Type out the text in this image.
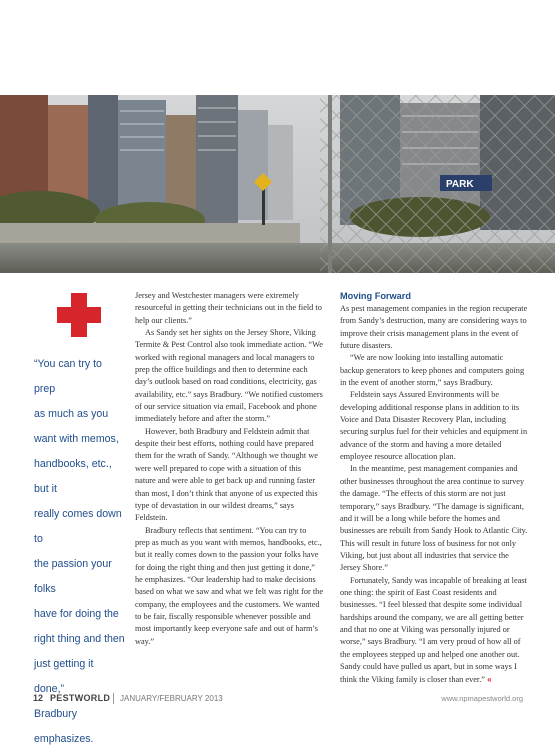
PARK
“You can try to prep
as much as you
want with memos,
handbooks, etc., but it
really comes down to
the passion your folks
have for doing the
right thing and then
just getting it done,”
Bradbury emphasizes.

Jersey and Westchester managers were extremely resourceful in getting their technicians out in the field to help our clients.”

As Sandy set her sights on the Jersey Shore, Viking Termite & Pest Control also took immediate action. “We worked with regional managers and local managers to prep the office buildings and then to determine each day’s outlook based on road conditions, electricity, gas availability, etc.” says Bradbury. “We notified customers of our service situation via email, Facebook and phone immediately before and after the storm.”

However, both Bradbury and Feldstein admit that despite their best efforts, nothing could have prepared them for the wrath of Sandy. “Although we thought we were well prepared to cope with a situation of this nature and were able to get back up and running faster than most, I don’t think that anyone of us expected this type of devastation in our wildest dreams,” says Feldstein.

Bradbury reflects that sentiment. “You can try to prep as much as you want with memos, handbooks, etc., but it really comes down to the passion your folks have for doing the right thing and then just getting it done,” he emphasizes. “Our leadership had to make decisions based on what we saw and what we felt was right for the company, the employees and the customers. We wanted to be fair, fiscally responsible whenever possible and most importantly keep everyone safe and out of harm’s way.”

Moving Forward

As pest management companies in the region recuperate from Sandy’s destruction, many are considering ways to improve their crisis management plans in the event of future disasters.

“We are now looking into installing automatic backup generators to keep phones and computers going in the event of another storm,” says Bradbury.

Feldstein says Assured Environments will be developing additional response plans in addition to its Voice and Data Disaster Recovery Plan, including securing surplus fuel for their vehicles and equipment in advance of the storm and having a more detailed employee resource allocation plan.

In the meantime, pest management companies and other businesses throughout the area continue to survey the damage. “The effects of this storm are not just temporary,” says Bradbury. “The damage is significant, and it will be a long while before the homes and businesses are rebuilt from Sandy Hook to Atlantic City. This will result in future loss of business for not only Viking, but just about all industries that service the Jersey Shore.”

Fortunately, Sandy was incapable of breaking at least one thing: the spirit of East Coast residents and businesses. “I feel blessed that despite some individual hardships around the company, we are all getting better and that no one at Viking was personally injured or worse,” says Bradbury. “I am very proud of how all of the employees stepped up and helped one another out. Sandy could have pulled us apart, but in some ways I think the Viking family is closer than ever.” «

12 PESTWORLD JANUARY/FEBRUARY 2013	www.npmapestworld.org
